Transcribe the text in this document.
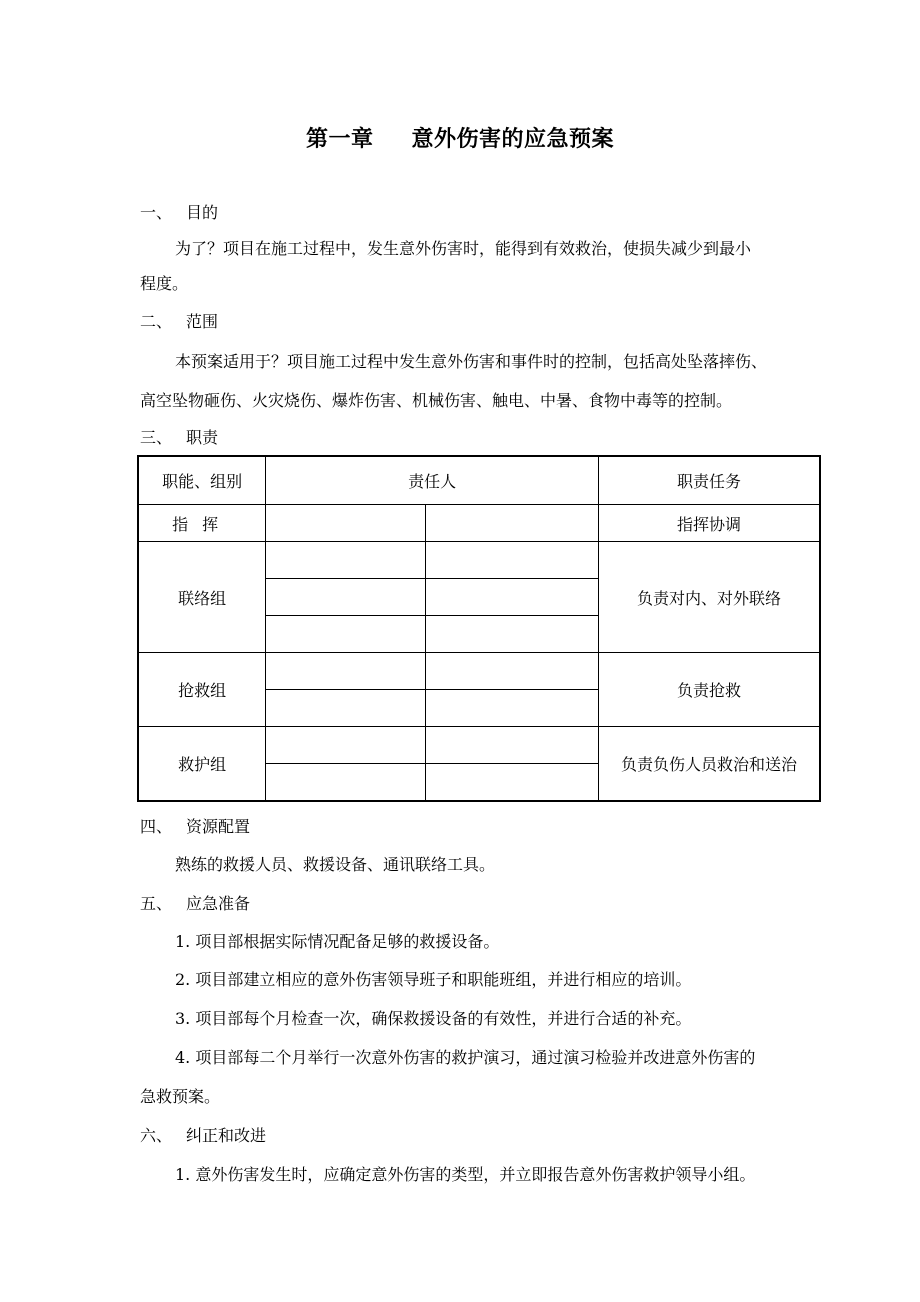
第一章 意外伤害的应急预案
一、 目的
为了？项目在施工过程中，发生意外伤害时，能得到有效救治，使损失减少到最小
程度。
二、 范围
本预案适用于？项目施工过程中发生意外伤害和事件时的控制，包括高处坠落摔伤、
高空坠物砸伤、火灾烧伤、爆炸伤害、机械伤害、触电、中暑、食物中毒等的控制。
三、 职责
职能、组别	责任人		职责任务
指挥			指挥协调
联络组			负责对内、对外联络

抢救组			负责抢救

救护组			负责负伤人员救治和送治

四、 资源配置
熟练的救援人员、救援设备、通讯联络工具。
五、 应急准备
1. 项目部根据实际情况配备足够的救援设备。
2. 项目部建立相应的意外伤害领导班子和职能班组，并进行相应的培训。
3. 项目部每个月检查一次，确保救援设备的有效性，并进行合适的补充。
4. 项目部每二个月举行一次意外伤害的救护演习，通过演习检验并改进意外伤害的
急救预案。
六、 纠正和改进
1. 意外伤害发生时，应确定意外伤害的类型，并立即报告意外伤害救护领导小组。
